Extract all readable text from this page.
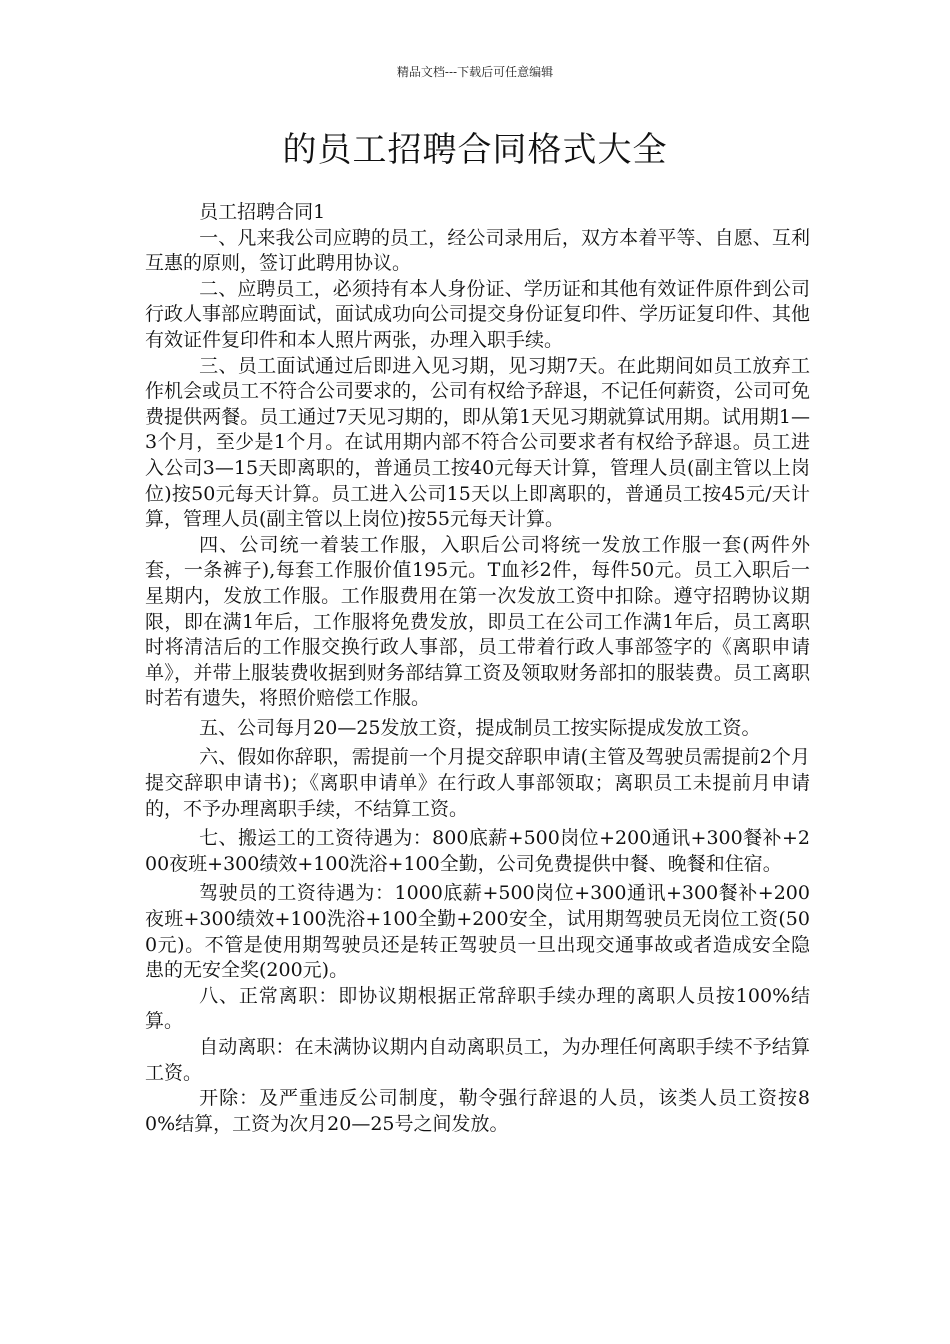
精品文档---下载后可任意编辑
的员工招聘合同格式大全

员工招聘合同1

一、凡来我公司应聘的员工，经公司录用后，双方本着平等、自愿、互利互惠的原则，签订此聘用协议。

二、应聘员工，必须持有本人身份证、学历证和其他有效证件原件到公司行政人事部应聘面试，面试成功向公司提交身份证复印件、学历证复印件、其他有效证件复印件和本人照片两张，办理入职手续。

三、员工面试通过后即进入见习期，见习期7天。在此期间如员工放弃工作机会或员工不符合公司要求的，公司有权给予辞退，不记任何薪资，公司可免费提供两餐。员工通过7天见习期的，即从第1天见习期就算试用期。试用期1—3个月，至少是1个月。在试用期内部不符合公司要求者有权给予辞退。员工进入公司3—15天即离职的，普通员工按40元每天计算，管理人员(副主管以上岗位)按50元每天计算。员工进入公司15天以上即离职的，普通员工按45元/天计算，管理人员(副主管以上岗位)按55元每天计算。

四、公司统一着装工作服，入职后公司将统一发放工作服一套(两件外套，一条裤子),每套工作服价值195元。T血衫2件，每件50元。员工入职后一星期内，发放工作服。工作服费用在第一次发放工资中扣除。遵守招聘协议期限，即在满1年后，工作服将免费发放，即员工在公司工作满1年后，员工离职时将清洁后的工作服交换行政人事部，员工带着行政人事部签字的《离职申请单》，并带上服装费收据到财务部结算工资及领取财务部扣的服装费。员工离职时若有遗失，将照价赔偿工作服。

五、公司每月20—25发放工资，提成制员工按实际提成发放工资。

六、假如你辞职，需提前一个月提交辞职申请(主管及驾驶员需提前2个月提交辞职申请书)；《离职申请单》在行政人事部领取；离职员工未提前月申请的，不予办理离职手续，不结算工资。

七、搬运工的工资待遇为：800底薪+500岗位+200通讯+300餐补+200夜班+300绩效+100洗浴+100全勤，公司免费提供中餐、晚餐和住宿。

驾驶员的工资待遇为：1000底薪+500岗位+300通讯+300餐补+200夜班+300绩效+100洗浴+100全勤+200安全，试用期驾驶员无岗位工资(500元)。不管是使用期驾驶员还是转正驾驶员一旦出现交通事故或者造成安全隐患的无安全奖(200元)。

八、正常离职：即协议期根据正常辞职手续办理的离职人员按100%结算。

自动离职：在未满协议期内自动离职员工，为办理任何离职手续不予结算工资。

开除：及严重违反公司制度，勒令强行辞退的人员，该类人员工资按80%结算，工资为次月20—25号之间发放。
